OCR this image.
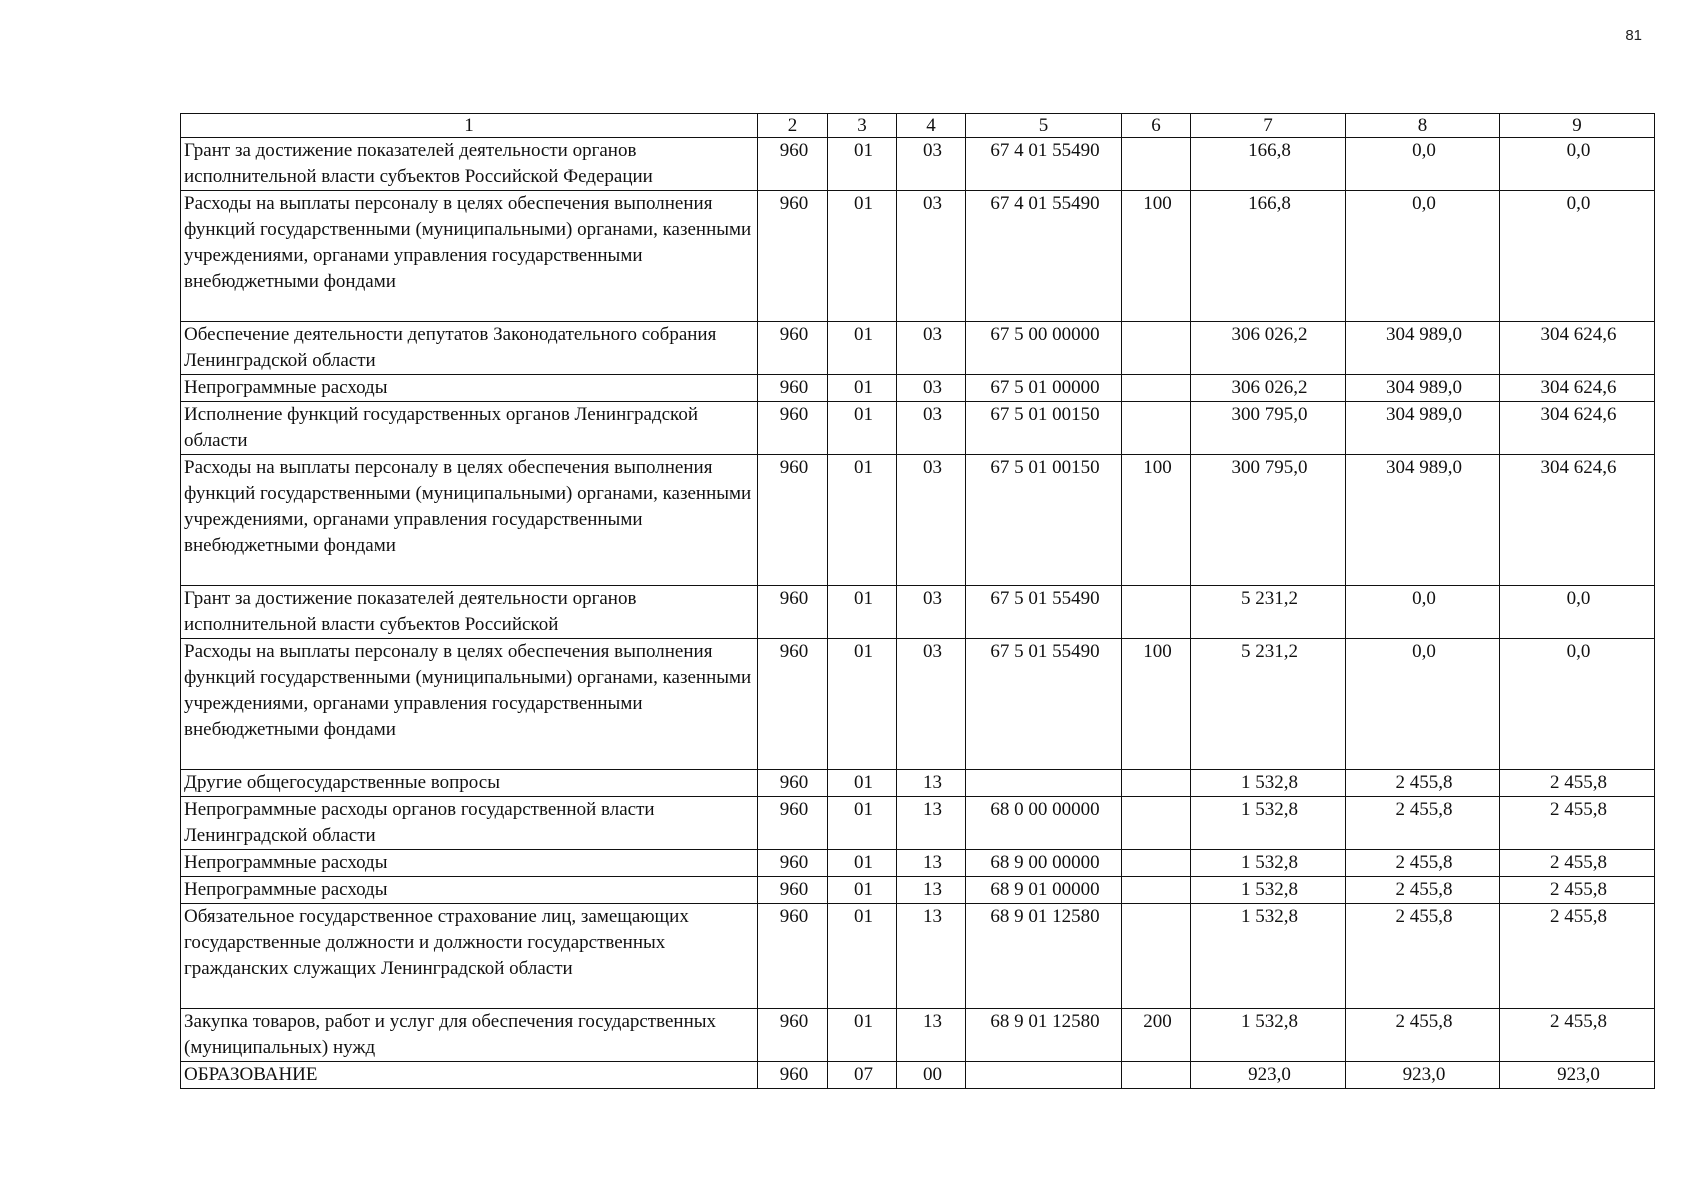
81
1	2	3	4	5	6	7	8	9
Грант за достижение показателей деятельности органов исполнительной власти субъектов Российской Федерации	960	01	03	67 4 01 55490		166,8	0,0	0,0
Расходы на выплаты персоналу в целях обеспечения выполнения функций государственными (муниципальными) органами, казенными учреждениями, органами управления государственными внебюджетными фондами	960	01	03	67 4 01 55490	100	166,8	0,0	0,0
Обеспечение деятельности депутатов Законодательного собрания Ленинградской области	960	01	03	67 5 00 00000		306 026,2	304 989,0	304 624,6
Непрограммные расходы	960	01	03	67 5 01 00000		306 026,2	304 989,0	304 624,6
Исполнение функций государственных органов Ленинградской области	960	01	03	67 5 01 00150		300 795,0	304 989,0	304 624,6
Расходы на выплаты персоналу в целях обеспечения выполнения функций государственными (муниципальными) органами, казенными учреждениями, органами управления государственными внебюджетными фондами	960	01	03	67 5 01 00150	100	300 795,0	304 989,0	304 624,6
Грант за достижение показателей деятельности органов исполнительной власти субъектов Российской	960	01	03	67 5 01 55490		5 231,2	0,0	0,0
Расходы на выплаты персоналу в целях обеспечения выполнения функций государственными (муниципальными) органами, казенными учреждениями, органами управления государственными внебюджетными фондами	960	01	03	67 5 01 55490	100	5 231,2	0,0	0,0
Другие общегосударственные вопросы	960	01	13			1 532,8	2 455,8	2 455,8
Непрограммные расходы органов государственной власти Ленинградской области	960	01	13	68 0 00 00000		1 532,8	2 455,8	2 455,8
Непрограммные расходы	960	01	13	68 9 00 00000		1 532,8	2 455,8	2 455,8
Непрограммные расходы	960	01	13	68 9 01 00000		1 532,8	2 455,8	2 455,8
Обязательное государственное страхование лиц, замещающих государственные должности и должности государственных гражданских служащих Ленинградской области	960	01	13	68 9 01 12580		1 532,8	2 455,8	2 455,8
Закупка товаров, работ и услуг для обеспечения государственных (муниципальных) нужд	960	01	13	68 9 01 12580	200	1 532,8	2 455,8	2 455,8
ОБРАЗОВАНИЕ	960	07	00			923,0	923,0	923,0
